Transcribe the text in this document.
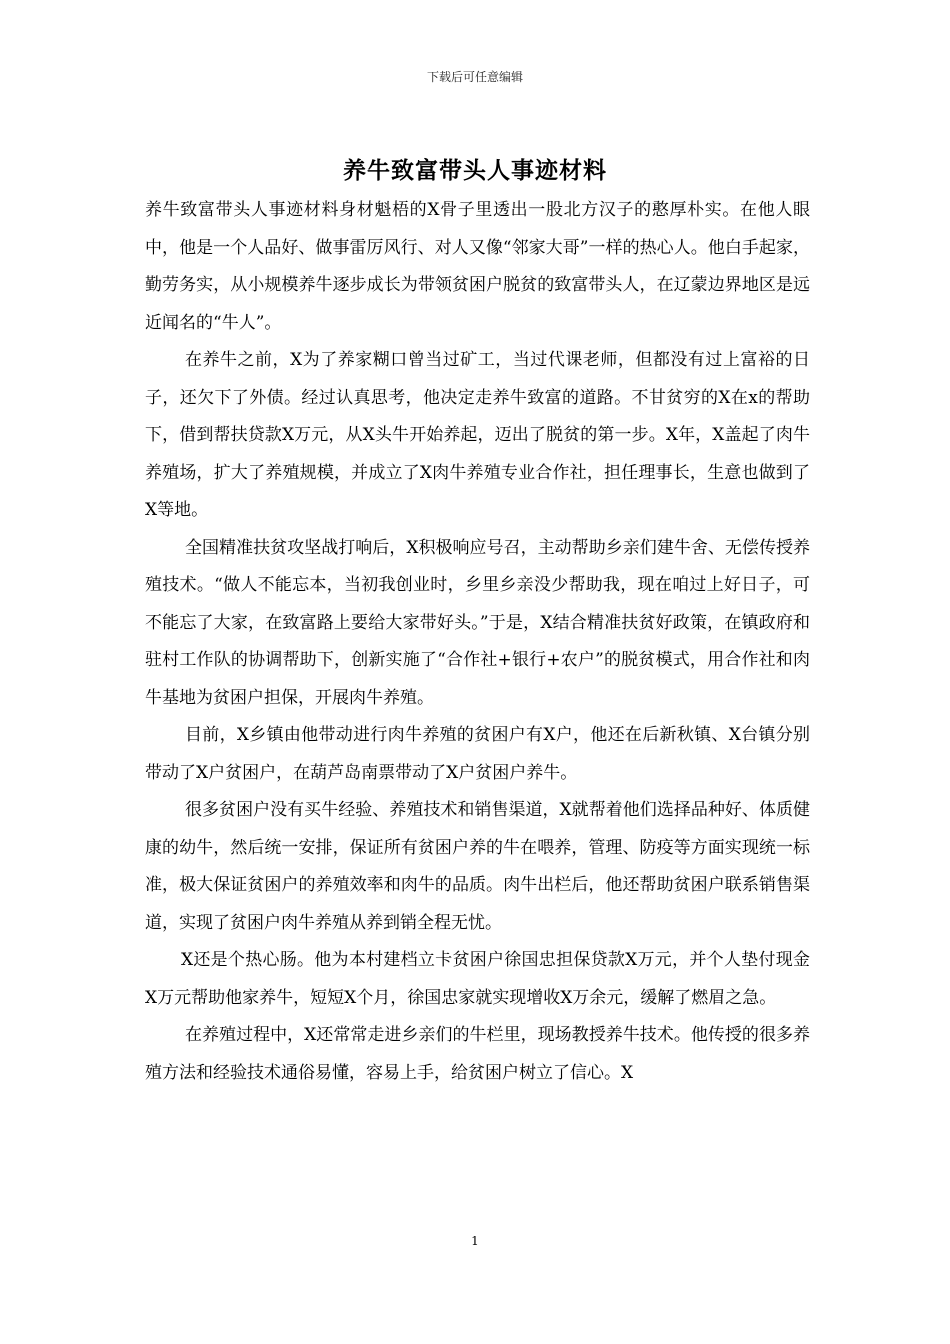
下载后可任意编辑
养牛致富带头人事迹材料

养牛致富带头人事迹材料身材魁梧的X骨子里透出一股北方汉子的憨厚朴实。在他人眼中，他是一个人品好、做事雷厉风行、对人又像“邻家大哥”一样的热心人。他白手起家，勤劳务实，从小规模养牛逐步成长为带领贫困户脱贫的致富带头人，在辽蒙边界地区是远近闻名的“牛人”。

在养牛之前，X为了养家糊口曾当过矿工，当过代课老师，但都没有过上富裕的日子，还欠下了外债。经过认真思考，他决定走养牛致富的道路。不甘贫穷的X在x的帮助下，借到帮扶贷款X万元，从X头牛开始养起，迈出了脱贫的第一步。X年，X盖起了肉牛养殖场，扩大了养殖规模，并成立了X肉牛养殖专业合作社，担任理事长，生意也做到了X等地。

全国精准扶贫攻坚战打响后，X积极响应号召，主动帮助乡亲们建牛舍、无偿传授养殖技术。“做人不能忘本，当初我创业时，乡里乡亲没少帮助我，现在咱过上好日子，可不能忘了大家，在致富路上要给大家带好头。”于是，X结合精准扶贫好政策，在镇政府和驻村工作队的协调帮助下，创新实施了“合作社+银行+农户”的脱贫模式，用合作社和肉牛基地为贫困户担保，开展肉牛养殖。

目前，X乡镇由他带动进行肉牛养殖的贫困户有X户，他还在后新秋镇、X台镇分别带动了X户贫困户，在葫芦岛南票带动了X户贫困户养牛。

很多贫困户没有买牛经验、养殖技术和销售渠道，X就帮着他们选择品种好、体质健康的幼牛，然后统一安排，保证所有贫困户养的牛在喂养，管理、防疫等方面实现统一标准，极大保证贫困户的养殖效率和肉牛的品质。肉牛出栏后，他还帮助贫困户联系销售渠道，实现了贫困户肉牛养殖从养到销全程无忧。

X还是个热心肠。他为本村建档立卡贫困户徐国忠担保贷款X万元，并个人垫付现金X万元帮助他家养牛，短短X个月，徐国忠家就实现增收X万余元，缓解了燃眉之急。

在养殖过程中，X还常常走进乡亲们的牛栏里，现场教授养牛技术。他传授的很多养殖方法和经验技术通俗易懂，容易上手，给贫困户树立了信心。X

1
